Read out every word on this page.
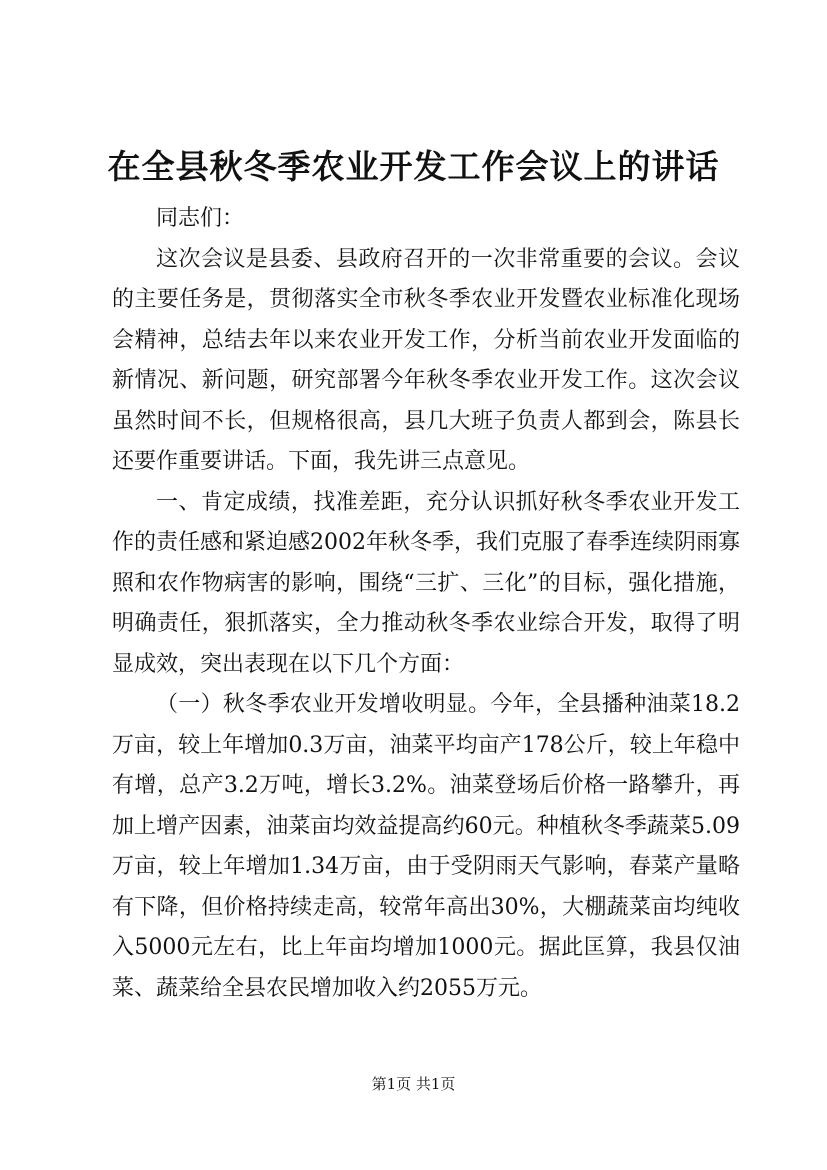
在全县秋冬季农业开发工作会议上的讲话

同志们：

这次会议是县委、县政府召开的一次非常重要的会议。会议的主要任务是，贯彻落实全市秋冬季农业开发暨农业标准化现场会精神，总结去年以来农业开发工作，分析当前农业开发面临的新情况、新问题，研究部署今年秋冬季农业开发工作。这次会议虽然时间不长，但规格很高，县几大班子负责人都到会，陈县长还要作重要讲话。下面，我先讲三点意见。

一、肯定成绩，找准差距，充分认识抓好秋冬季农业开发工作的责任感和紧迫感2002年秋冬季，我们克服了春季连续阴雨寡照和农作物病害的影响，围绕“三扩、三化”的目标，强化措施，明确责任，狠抓落实，全力推动秋冬季农业综合开发，取得了明显成效，突出表现在以下几个方面：

（一）秋冬季农业开发增收明显。今年，全县播种油菜18.2万亩，较上年增加0.3万亩，油菜平均亩产178公斤，较上年稳中有增，总产3.2万吨，增长3.2%。油菜登场后价格一路攀升，再加上增产因素，油菜亩均效益提高约60元。种植秋冬季蔬菜5.09万亩，较上年增加1.34万亩，由于受阴雨天气影响，春菜产量略有下降，但价格持续走高，较常年高出30%，大棚蔬菜亩均纯收入5000元左右，比上年亩均增加1000元。据此匡算，我县仅油菜、蔬菜给全县农民增加收入约2055万元。

第1页 共1页
